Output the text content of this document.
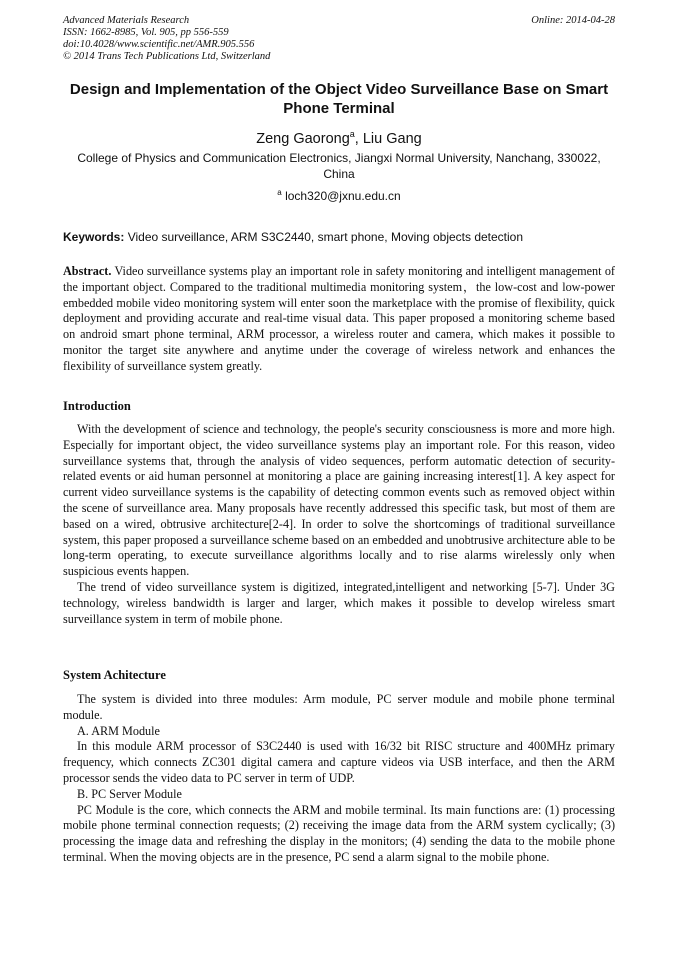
Advanced Materials Research
ISSN: 1662-8985, Vol. 905, pp 556-559
doi:10.4028/www.scientific.net/AMR.905.556
© 2014 Trans Tech Publications Ltd, Switzerland
Online: 2014-04-28
Design and Implementation of the Object Video Surveillance Base on Smart Phone Terminal
Zeng Gaorong$^a$, Liu Gang
College of Physics and Communication Electronics, Jiangxi Normal University, Nanchang, 330022, China
$^a$ loch320@jxnu.edu.cn
Keywords: Video surveillance, ARM S3C2440, smart phone, Moving objects detection

Abstract. Video surveillance systems play an important role in safety monitoring and intelligent management of the important object. Compared to the traditional multimedia monitoring system，the low-cost and low-power embedded mobile video monitoring system will enter soon the marketplace with the promise of flexibility, quick deployment and providing accurate and real-time visual data. This paper proposed a monitoring scheme based on android smart phone terminal, ARM processor, a wireless router and camera, which makes it possible to monitor the target site anywhere and anytime under the coverage of wireless network and enhances the flexibility of surveillance system greatly.

Introduction

With the development of science and technology, the people's security consciousness is more and more high. Especially for important object, the video surveillance systems play an important role. For this reason, video surveillance systems that, through the analysis of video sequences, perform automatic detection of security-related events or aid human personnel at monitoring a place are gaining increasing interest[1]. A key aspect for current video surveillance systems is the capability of detecting common events such as removed object within the scene of surveillance area. Many proposals have recently addressed this specific task, but most of them are based on a wired, obtrusive architecture[2-4]. In order to solve the shortcomings of traditional surveillance system, this paper proposed a surveillance scheme based on an embedded and unobtrusive architecture able to be long-term operating, to execute surveillance algorithms locally and to rise alarms wirelessly only when suspicious events happen.

The trend of video surveillance system is digitized, integrated,intelligent and networking [5-7]. Under 3G technology, wireless bandwidth is larger and larger, which makes it possible to develop wireless smart surveillance system in term of mobile phone.

System Achitecture

The system is divided into three modules: Arm module, PC server module and mobile phone terminal module.

A. ARM Module

In this module ARM processor of S3C2440 is used with 16/32 bit RISC structure and 400MHz primary frequency, which connects ZC301 digital camera and capture videos via USB interface, and then the ARM processor sends the video data to PC server in term of UDP.

B. PC Server Module

PC Module is the core, which connects the ARM and mobile terminal. Its main functions are: (1) processing mobile phone terminal connection requests; (2) receiving the image data from the ARM system cyclically; (3) processing the image data and refreshing the display in the monitors; (4) sending the data to the mobile phone terminal. When the moving objects are in the presence, PC send a alarm signal to the mobile phone.
